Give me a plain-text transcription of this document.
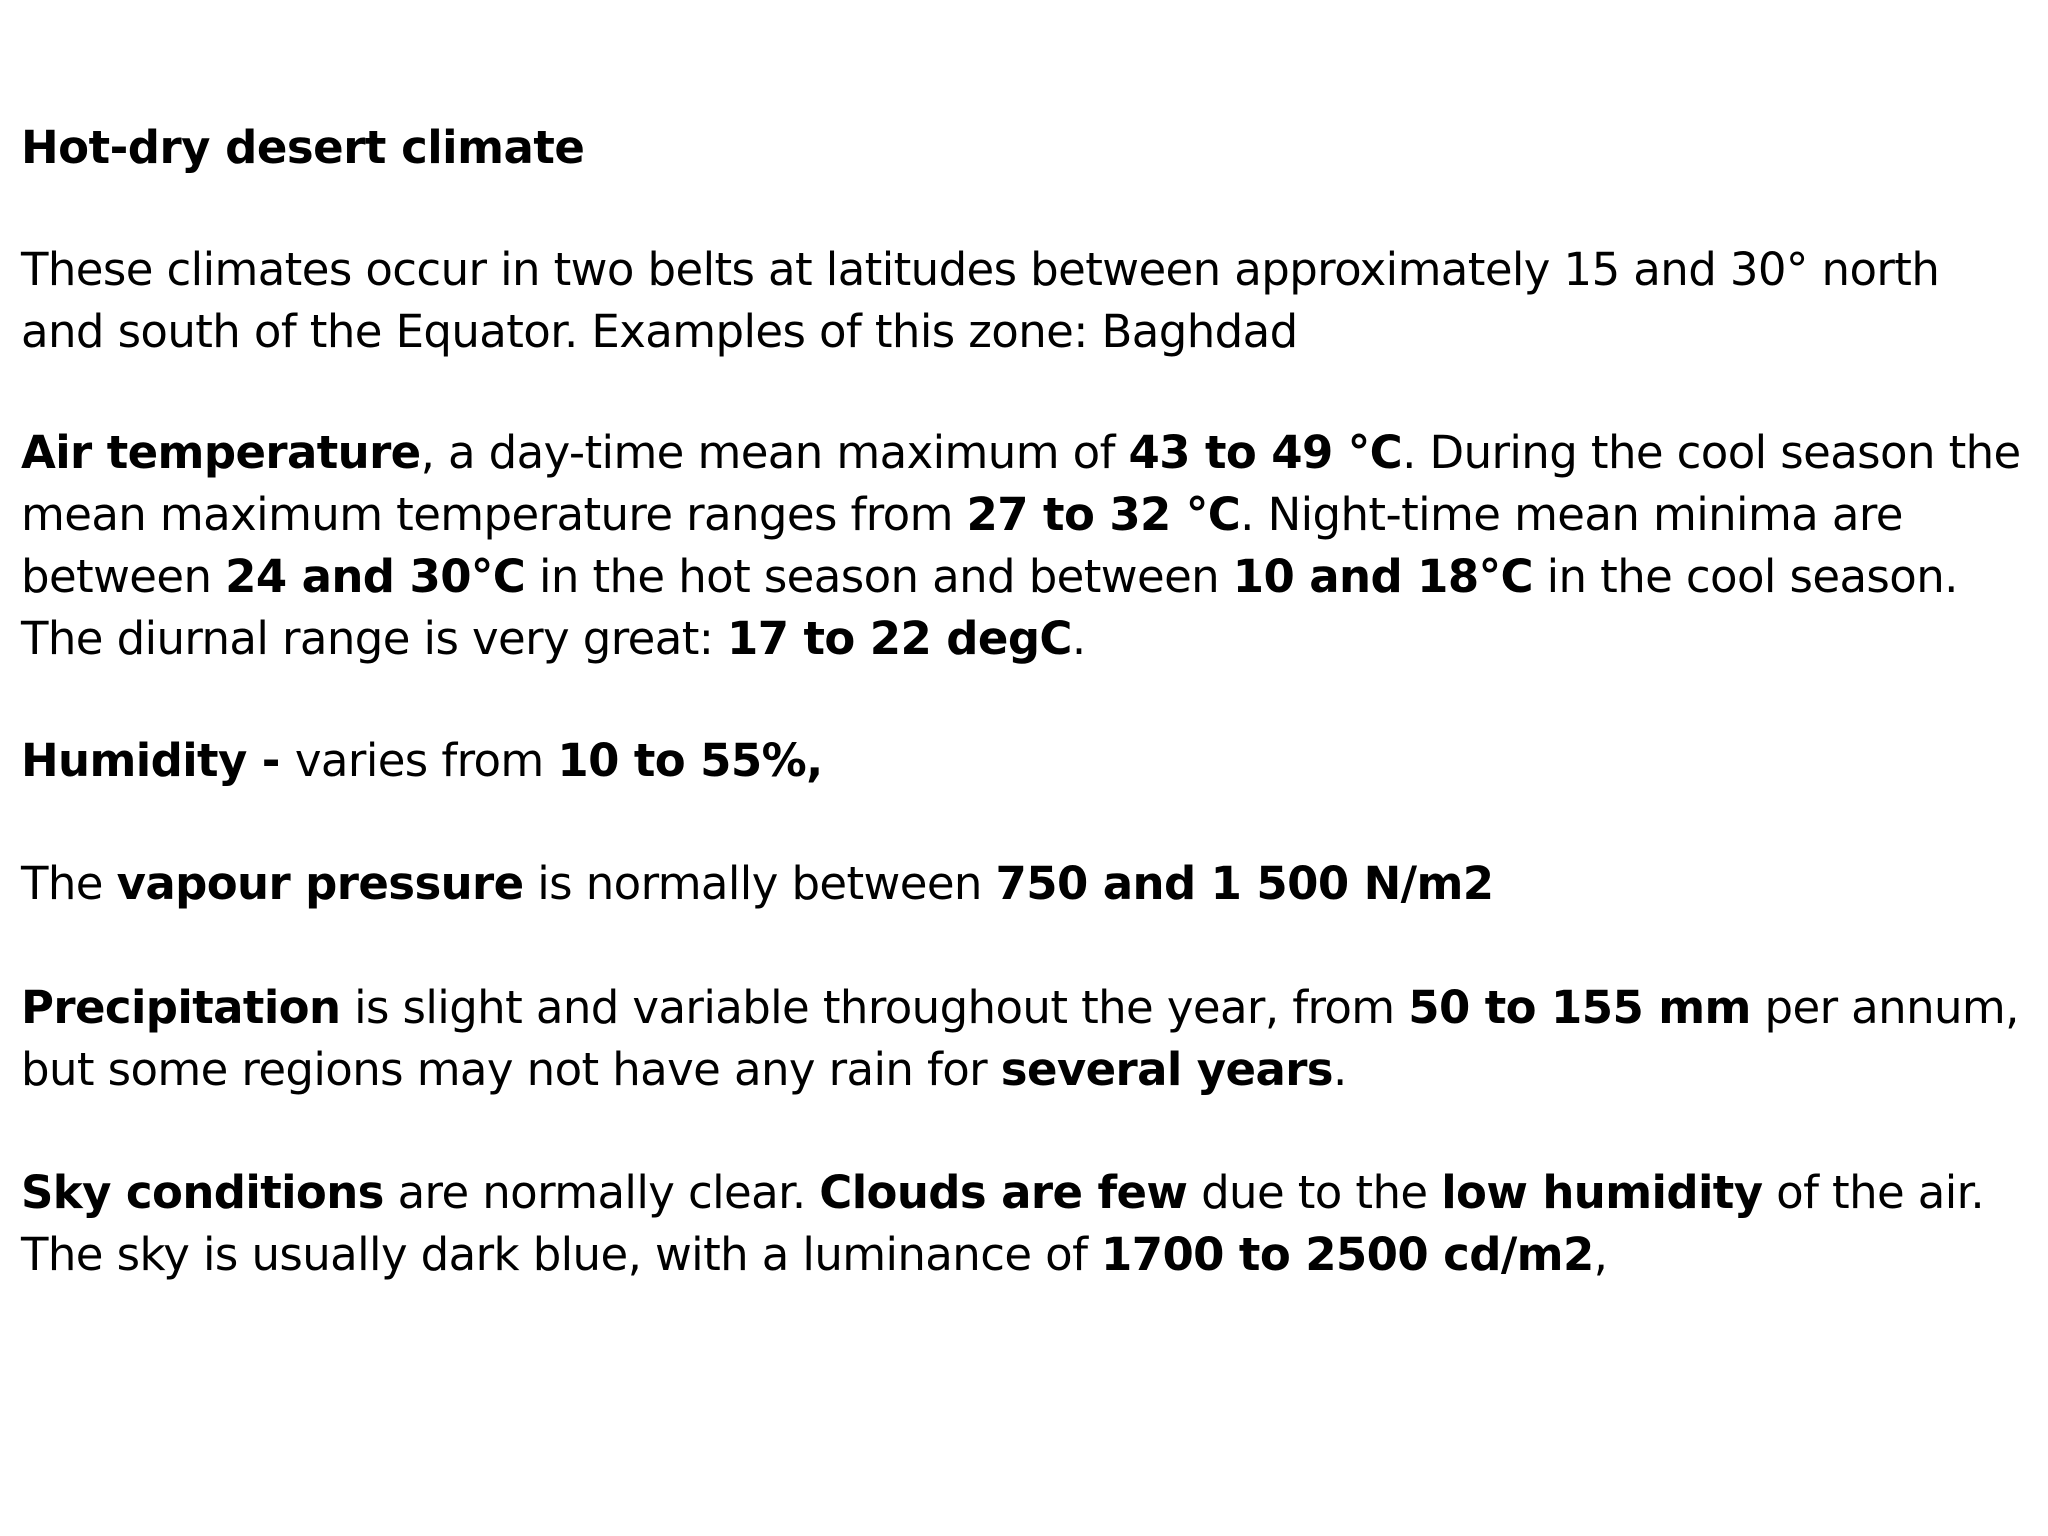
Hot-dry desert climate

These climates occur in two belts at latitudes between approximately 15 and 30° north
and south of the Equator. Examples of this zone: Baghdad

Air temperature, a day-time mean maximum of 43 to 49 °C. During the cool season the
mean maximum temperature ranges from 27 to 32 °C. Night-time mean minima are
between 24 and 30°C in the hot season and between 10 and 18°C in the cool season.
The diurnal range is very great: 17 to 22 degC.

Humidity - varies from 10 to 55%,

The vapour pressure is normally between 750 and 1 500 N/m2

Precipitation is slight and variable throughout the year, from 50 to 155 mm per annum,
but some regions may not have any rain for several years.

Sky conditions are normally clear. Clouds are few due to the low humidity of the air.
The sky is usually dark blue, with a luminance of 1700 to 2500 cd/m2,
